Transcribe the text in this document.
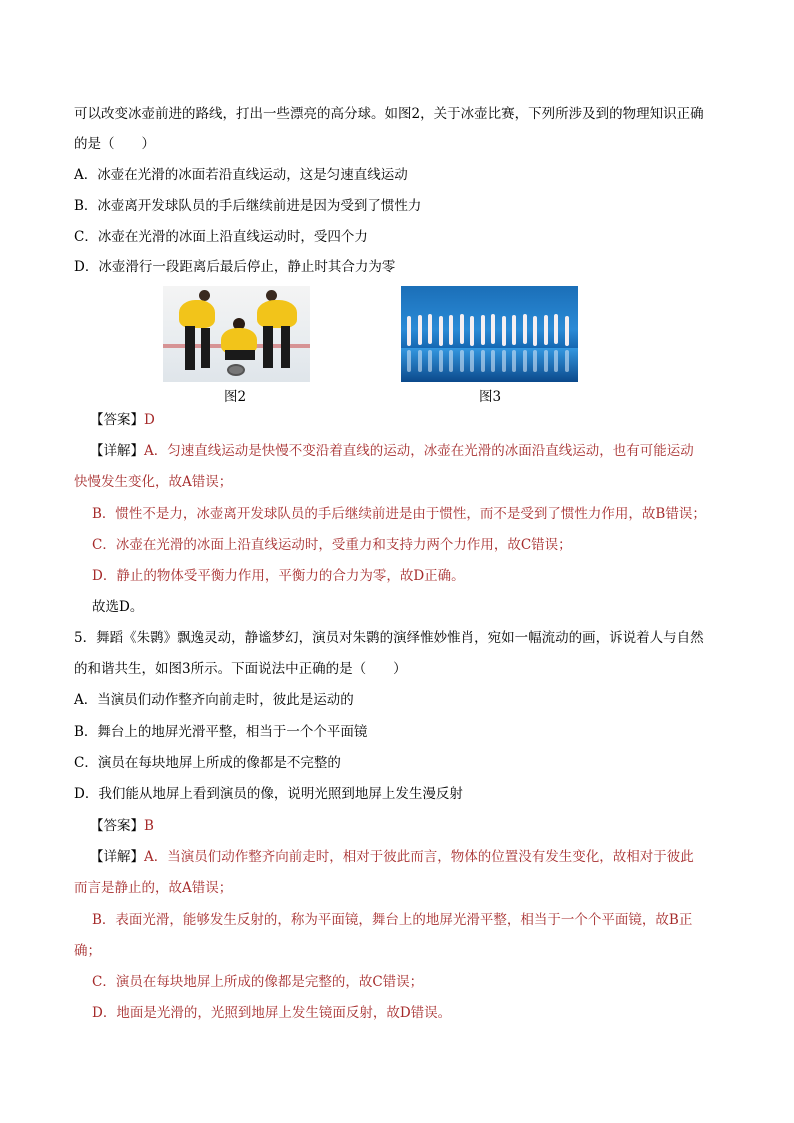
可以改变冰壶前进的路线，打出一些漂亮的高分球。如图2，关于冰壶比赛，下列所涉及到的物理知识正确
的是（　　）
A．冰壶在光滑的冰面若沿直线运动，这是匀速直线运动
B．冰壶离开发球队员的手后继续前进是因为受到了惯性力
C．冰壶在光滑的冰面上沿直线运动时，受四个力
D．冰壶滑行一段距离后最后停止，静止时其合力为零
图2	图3
【答案】D
【详解】A．匀速直线运动是快慢不变沿着直线的运动，冰壶在光滑的冰面沿直线运动，也有可能运动
快慢发生变化，故A错误；
B．惯性不是力，冰壶离开发球队员的手后继续前进是由于惯性，而不是受到了惯性力作用，故B错误；
C．冰壶在光滑的冰面上沿直线运动时，受重力和支持力两个力作用，故C错误；
D．静止的物体受平衡力作用，平衡力的合力为零，故D正确。
故选D。
5．舞蹈《朱鹮》飘逸灵动，静谧梦幻，演员对朱鹮的演绎惟妙惟肖，宛如一幅流动的画，诉说着人与自然
的和谐共生，如图3所示。下面说法中正确的是（　　）
A．当演员们动作整齐向前走时，彼此是运动的
B．舞台上的地屏光滑平整，相当于一个个平面镜
C．演员在每块地屏上所成的像都是不完整的
D．我们能从地屏上看到演员的像，说明光照到地屏上发生漫反射
【答案】B
【详解】A．当演员们动作整齐向前走时，相对于彼此而言，物体的位置没有发生变化，故相对于彼此
而言是静止的，故A错误；
B．表面光滑，能够发生反射的，称为平面镜，舞台上的地屏光滑平整，相当于一个个平面镜，故B正
确；
C．演员在每块地屏上所成的像都是完整的，故C错误；
D．地面是光滑的，光照到地屏上发生镜面反射，故D错误。
